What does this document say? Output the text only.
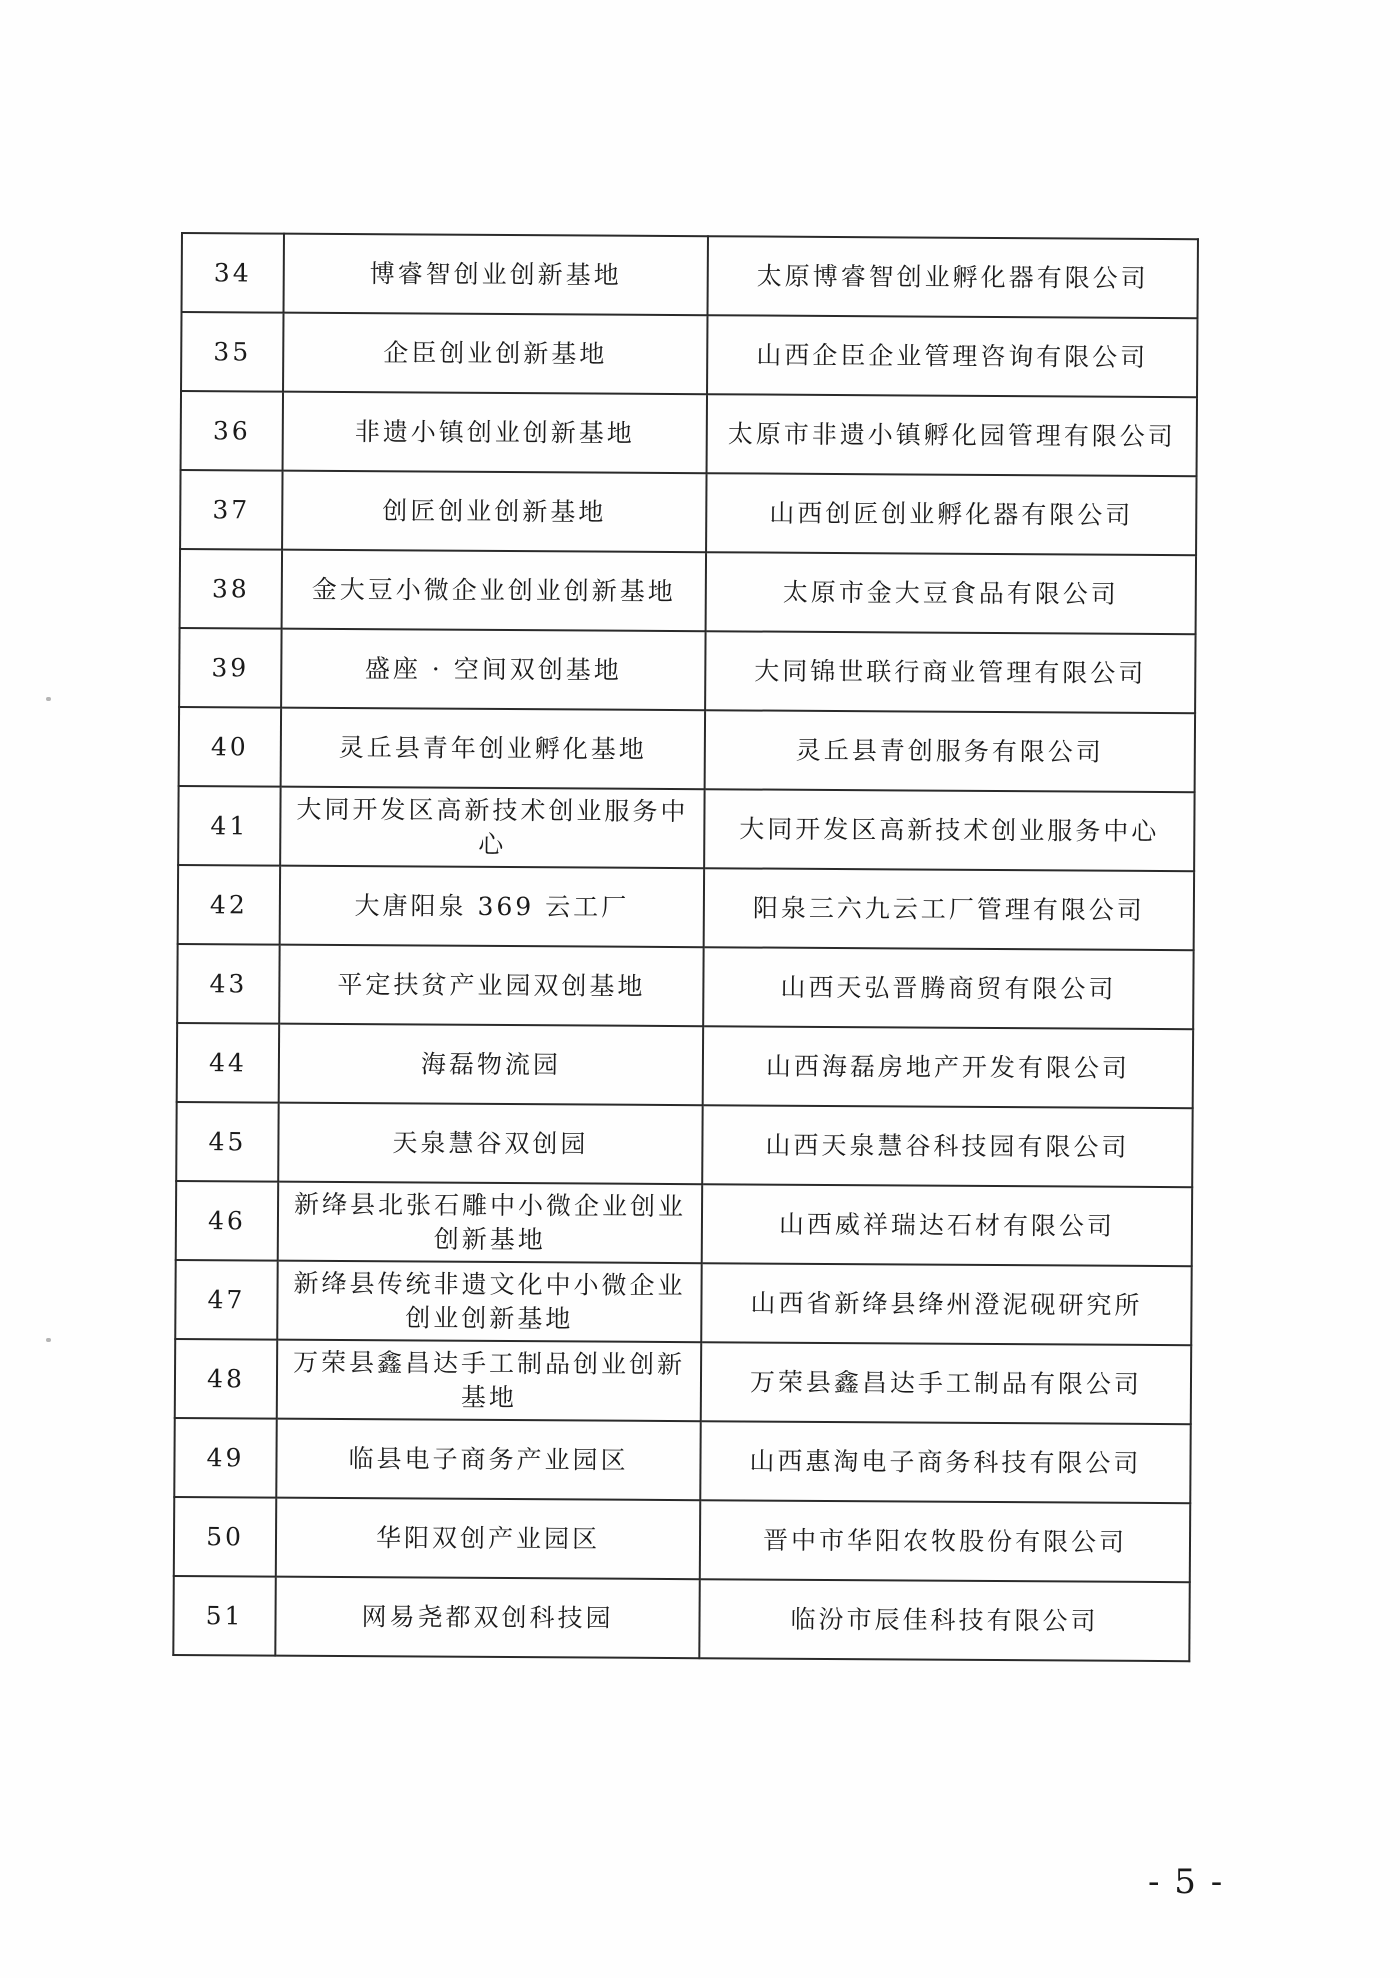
34	博睿智创业创新基地	太原博睿智创业孵化器有限公司
35	企臣创业创新基地	山西企臣企业管理咨询有限公司
36	非遗小镇创业创新基地	太原市非遗小镇孵化园管理有限公司
37	创匠创业创新基地	山西创匠创业孵化器有限公司
38	金大豆小微企业创业创新基地	太原市金大豆食品有限公司
39	盛座 · 空间双创基地	大同锦世联行商业管理有限公司
40	灵丘县青年创业孵化基地	灵丘县青创服务有限公司
41	大同开发区高新技术创业服务中心	大同开发区高新技术创业服务中心
42	大唐阳泉 369 云工厂	阳泉三六九云工厂管理有限公司
43	平定扶贫产业园双创基地	山西天弘晋腾商贸有限公司
44	海磊物流园	山西海磊房地产开发有限公司
45	天泉慧谷双创园	山西天泉慧谷科技园有限公司
46	新绛县北张石雕中小微企业创业创新基地	山西威祥瑞达石材有限公司
47	新绛县传统非遗文化中小微企业创业创新基地	山西省新绛县绛州澄泥砚研究所
48	万荣县鑫昌达手工制品创业创新基地	万荣县鑫昌达手工制品有限公司
49	临县电子商务产业园区	山西惠淘电子商务科技有限公司
50	华阳双创产业园区	晋中市华阳农牧股份有限公司
51	网易尧都双创科技园	临汾市辰佳科技有限公司
- 5 -
